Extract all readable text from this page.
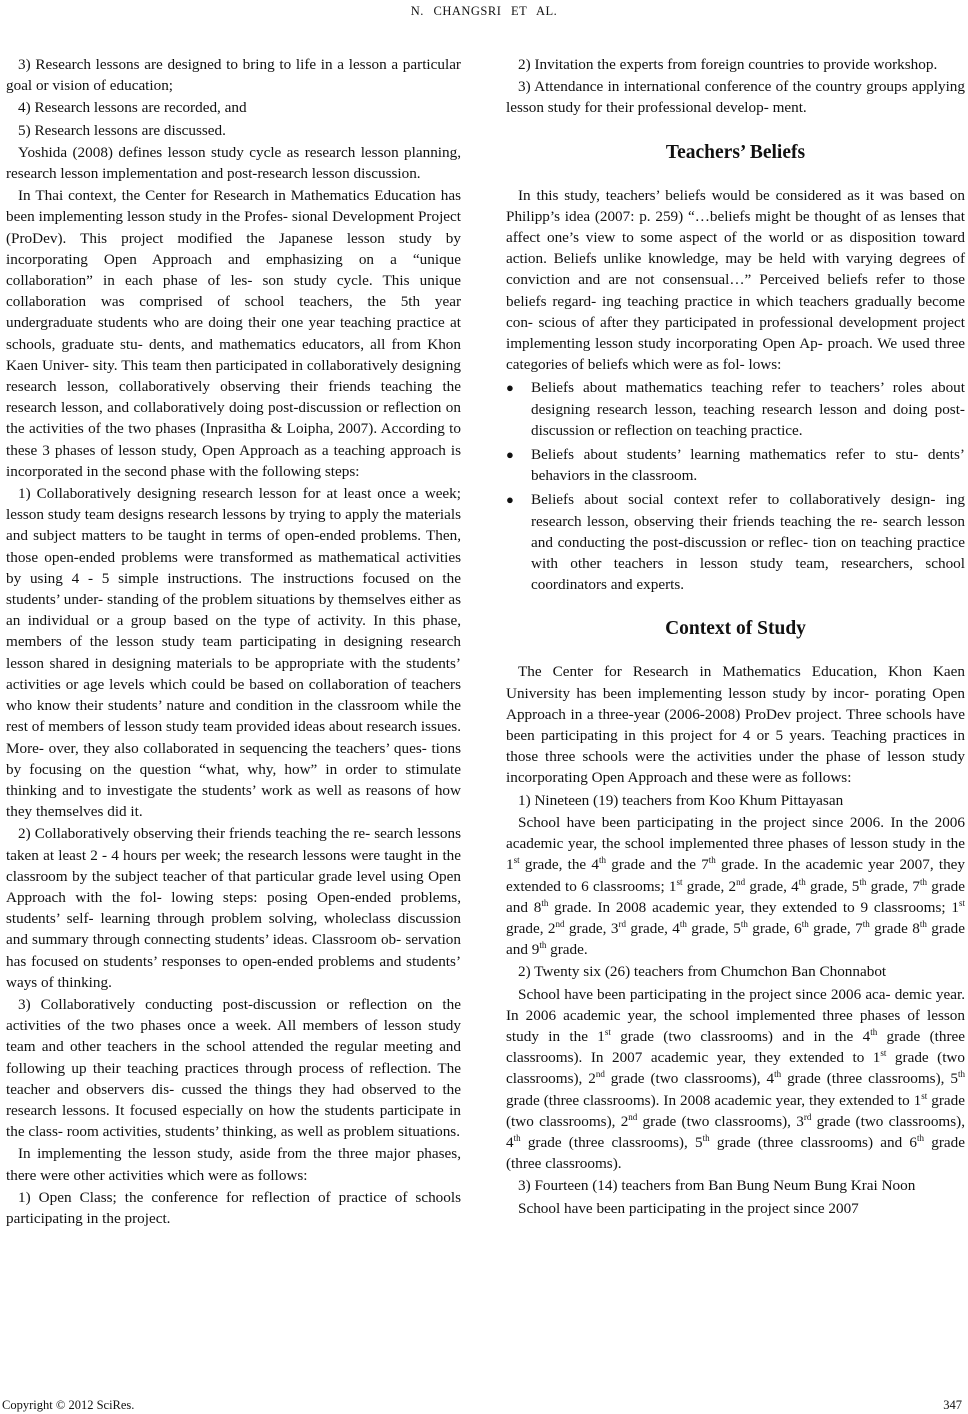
N. CHANGSRI ET AL.

3) Research lessons are designed to bring to life in a lesson a particular goal or vision of education;

4) Research lessons are recorded, and

5) Research lessons are discussed.

Yoshida (2008) defines lesson study cycle as research lesson planning, research lesson implementation and post-research lesson discussion.

In Thai context, the Center for Research in Mathematics Education has been implementing lesson study in the Profes- sional Development Project (ProDev). This project modified the Japanese lesson study by incorporating Open Approach and emphasizing on a “unique collaboration” in each phase of les- son study cycle. This unique collaboration was comprised of school teachers, the 5th year undergraduate students who are doing their one year teaching practice at schools, graduate stu- dents, and mathematics educators, all from Khon Kaen Univer- sity. This team then participated in collaboratively designing research lesson, collaboratively observing their friends teaching the research lesson, and collaboratively doing post-discussion or reflection on the activities of the two phases (Inprasitha & Loipha, 2007). According to these 3 phases of lesson study, Open Approach as a teaching approach is incorporated in the second phase with the following steps:

1) Collaboratively designing research lesson for at least once a week; lesson study team designs research lessons by trying to apply the materials and subject matters to be taught in terms of open-ended problems. Then, those open-ended problems were transformed as mathematical activities by using 4 - 5 simple instructions. The instructions focused on the students’ under- standing of the problem situations by themselves either as an individual or a group based on the type of activity. In this phase, members of the lesson study team participating in designing research lesson shared in designing materials to be appropriate with the students’ activities or age levels which could be based on collaboration of teachers who know their students’ nature and condition in the classroom while the rest of members of lesson study team provided ideas about research issues. More- over, they also collaborated in sequencing the teachers’ ques- tions by focusing on the question “what, why, how” in order to stimulate thinking and to investigate the students’ work as well as reasons of how they themselves did it.

2) Collaboratively observing their friends teaching the re- search lessons taken at least 2 - 4 hours per week; the research lessons were taught in the classroom by the subject teacher of that particular grade level using Open Approach with the fol- lowing steps: posing Open-ended problems, students’ self- learning through problem solving, wholeclass discussion and summary through connecting students’ ideas. Classroom ob- servation has focused on students’ responses to open-ended problems and students’ ways of thinking.

3) Collaboratively conducting post-discussion or reflection on the activities of the two phases once a week. All members of lesson study team and other teachers in the school attended the regular meeting and following up their teaching practices through process of reflection. The teacher and observers dis- cussed the things they had observed to the research lessons. It focused especially on how the students participate in the class- room activities, students’ thinking, as well as problem situations.

In implementing the lesson study, aside from the three major phases, there were other activities which were as follows:

1) Open Class; the conference for reflection of practice of schools participating in the project.

2) Invitation the experts from foreign countries to provide workshop.

3) Attendance in international conference of the country groups applying lesson study for their professional develop- ment.

Teachers’ Beliefs

In this study, teachers’ beliefs would be considered as it was based on Philipp’s idea (2007: p. 259) “…beliefs might be thought of as lenses that affect one’s view to some aspect of the world or as disposition toward action. Beliefs unlike knowledge, may be held with varying degrees of conviction and are not consensual…” Perceived beliefs refer to those beliefs regard- ing teaching practice in which teachers gradually become con- scious of after they participated in professional development project implementing lesson study incorporating Open Ap- proach. We used three categories of beliefs which were as fol- lows:

● Beliefs about mathematics teaching refer to teachers’ roles about designing research lesson, teaching research lesson and doing post-discussion or reflection on teaching practice.
● Beliefs about students’ learning mathematics refer to stu- dents’ behaviors in the classroom.
● Beliefs about social context refer to collaboratively design- ing research lesson, observing their friends teaching the re- search lesson and conducting the post-discussion or reflec- tion on teaching practice with other teachers in lesson study team, researchers, school coordinators and experts.
Context of Study

The Center for Research in Mathematics Education, Khon Kaen University has been implementing lesson study by incor- porating Open Approach in a three-year (2006-2008) ProDev project. Three schools have been participating in this project for 4 or 5 years. Teaching practices in those three schools were the activities under the phase of lesson study incorporating Open Approach and these were as follows:

1) Nineteen (19) teachers from Koo Khum Pittayasan

School have been participating in the project since 2006. In the 2006 academic year, the school implemented three phases of lesson study in the 1st grade, the 4th grade and the 7th grade. In the academic year 2007, they extended to 6 classrooms; 1st grade, 2nd grade, 4th grade, 5th grade, 7th grade and 8th grade. In 2008 academic year, they extended to 9 classrooms; 1st grade, 2nd grade, 3rd grade, 4th grade, 5th grade, 6th grade, 7th grade 8th grade and 9th grade.

2) Twenty six (26) teachers from Chumchon Ban Chonnabot

School have been participating in the project since 2006 aca- demic year. In 2006 academic year, the school implemented three phases of lesson study in the 1st grade (two classrooms) and in the 4th grade (three classrooms). In 2007 academic year, they extended to 1st grade (two classrooms), 2nd grade (two classrooms), 4th grade (three classrooms), 5th grade (three classrooms). In 2008 academic year, they extended to 1st grade (two classrooms), 2nd grade (two classrooms), 3rd grade (two classrooms), 4th grade (three classrooms), 5th grade (three classrooms) and 6th grade (three classrooms).

3) Fourteen (14) teachers from Ban Bung Neum Bung Krai Noon

School have been participating in the project since 2007

Copyright © 2012 SciRes.	347
